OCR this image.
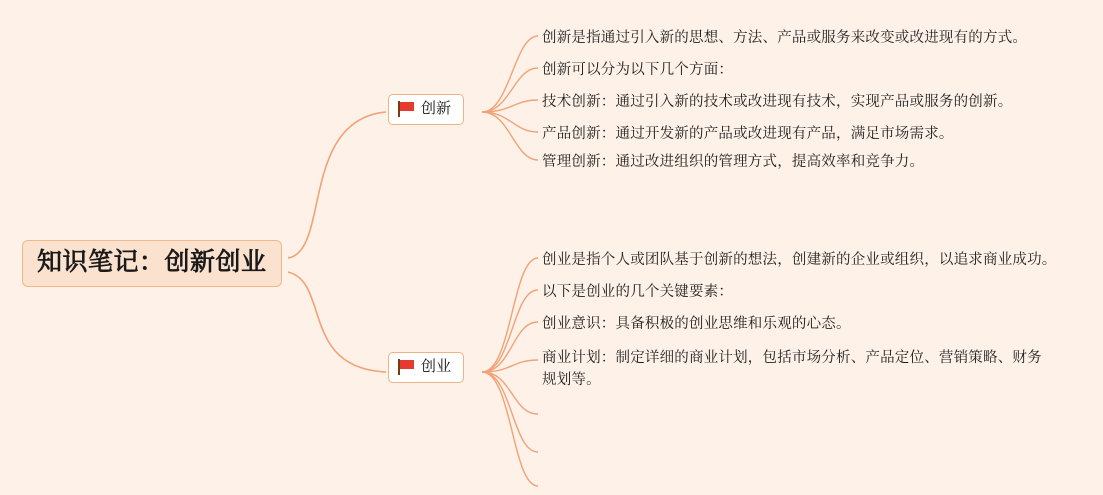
知识笔记：创新创业
创新
创业
创新是指通过引入新的思想、方法、产品或服务来改变或改进现有的方式。
创新可以分为以下几个方面：
技术创新：通过引入新的技术或改进现有技术，实现产品或服务的创新。
产品创新：通过开发新的产品或改进现有产品，满足市场需求。
管理创新：通过改进组织的管理方式，提高效率和竞争力。
创业是指个人或团队基于创新的想法，创建新的企业或组织，以追求商业成功。
以下是创业的几个关键要素：
创业意识：具备积极的创业思维和乐观的心态。
商业计划：制定详细的商业计划，包括市场分析、产品定位、营销策略、财务规划等。
